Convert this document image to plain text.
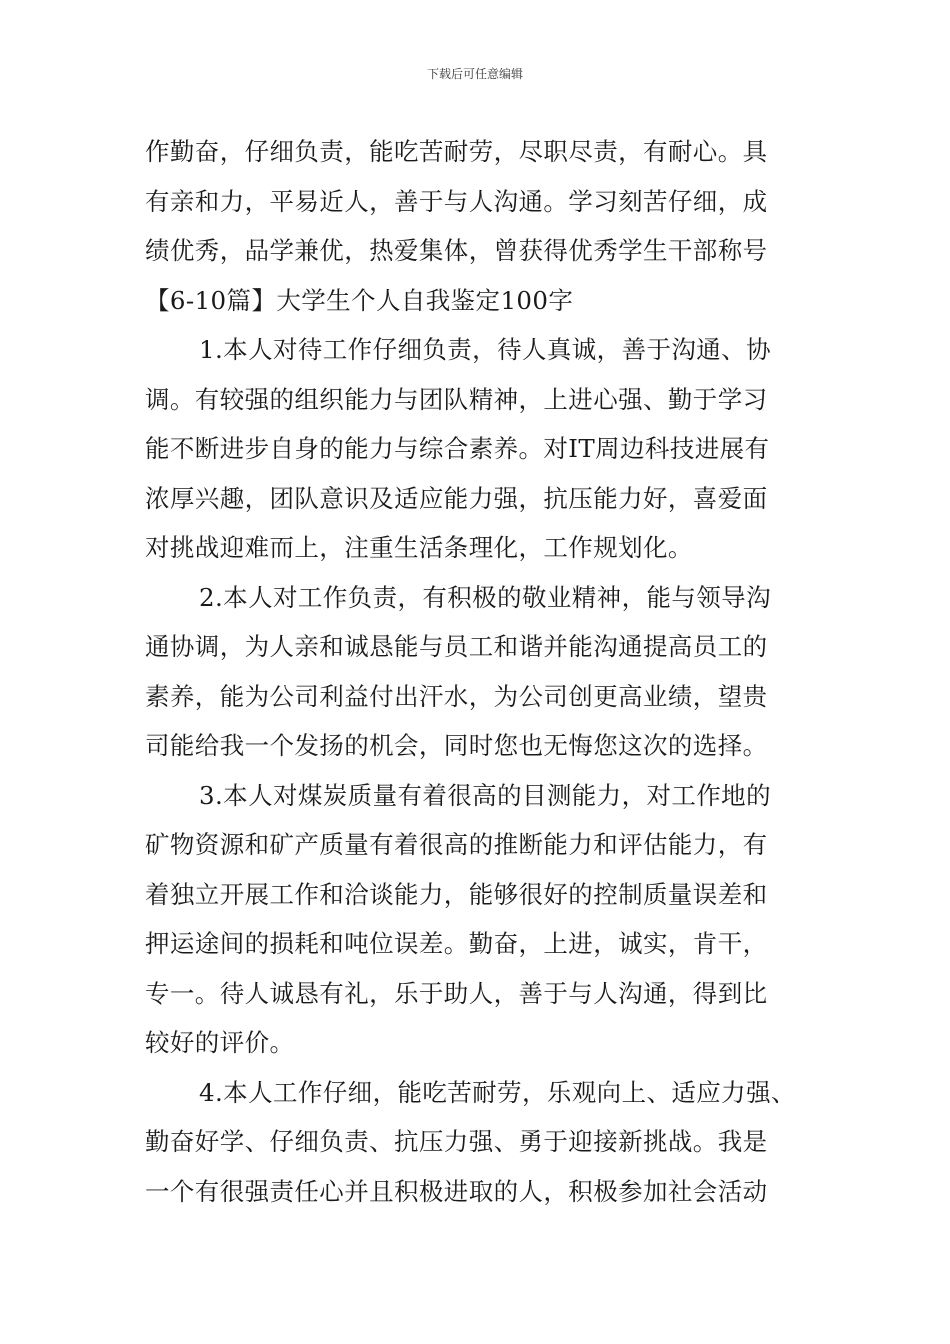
下载后可任意编辑
作勤奋，仔细负责，能吃苦耐劳，尽职尽责，有耐心。具
有亲和力，平易近人，善于与人沟通。学习刻苦仔细，成
绩优秀，品学兼优，热爱集体，曾获得优秀学生干部称号
【6-10篇】大学生个人自我鉴定100字
1.本人对待工作仔细负责，待人真诚，善于沟通、协
调。有较强的组织能力与团队精神，上进心强、勤于学习
能不断进步自身的能力与综合素养。对IT周边科技进展有
浓厚兴趣，团队意识及适应能力强，抗压能力好，喜爱面
对挑战迎难而上，注重生活条理化，工作规划化。
2.本人对工作负责，有积极的敬业精神，能与领导沟
通协调，为人亲和诚恳能与员工和谐并能沟通提高员工的
素养，能为公司利益付出汗水，为公司创更高业绩，望贵
司能给我一个发扬的机会，同时您也无悔您这次的选择。
3.本人对煤炭质量有着很高的目测能力，对工作地的
矿物资源和矿产质量有着很高的推断能力和评估能力，有
着独立开展工作和洽谈能力，能够很好的控制质量误差和
押运途间的损耗和吨位误差。勤奋，上进，诚实，肯干，
专一。待人诚恳有礼，乐于助人，善于与人沟通，得到比
较好的评价。
4.本人工作仔细，能吃苦耐劳，乐观向上、适应力强、
勤奋好学、仔细负责、抗压力强、勇于迎接新挑战。我是
一个有很强责任心并且积极进取的人，积极参加社会活动
